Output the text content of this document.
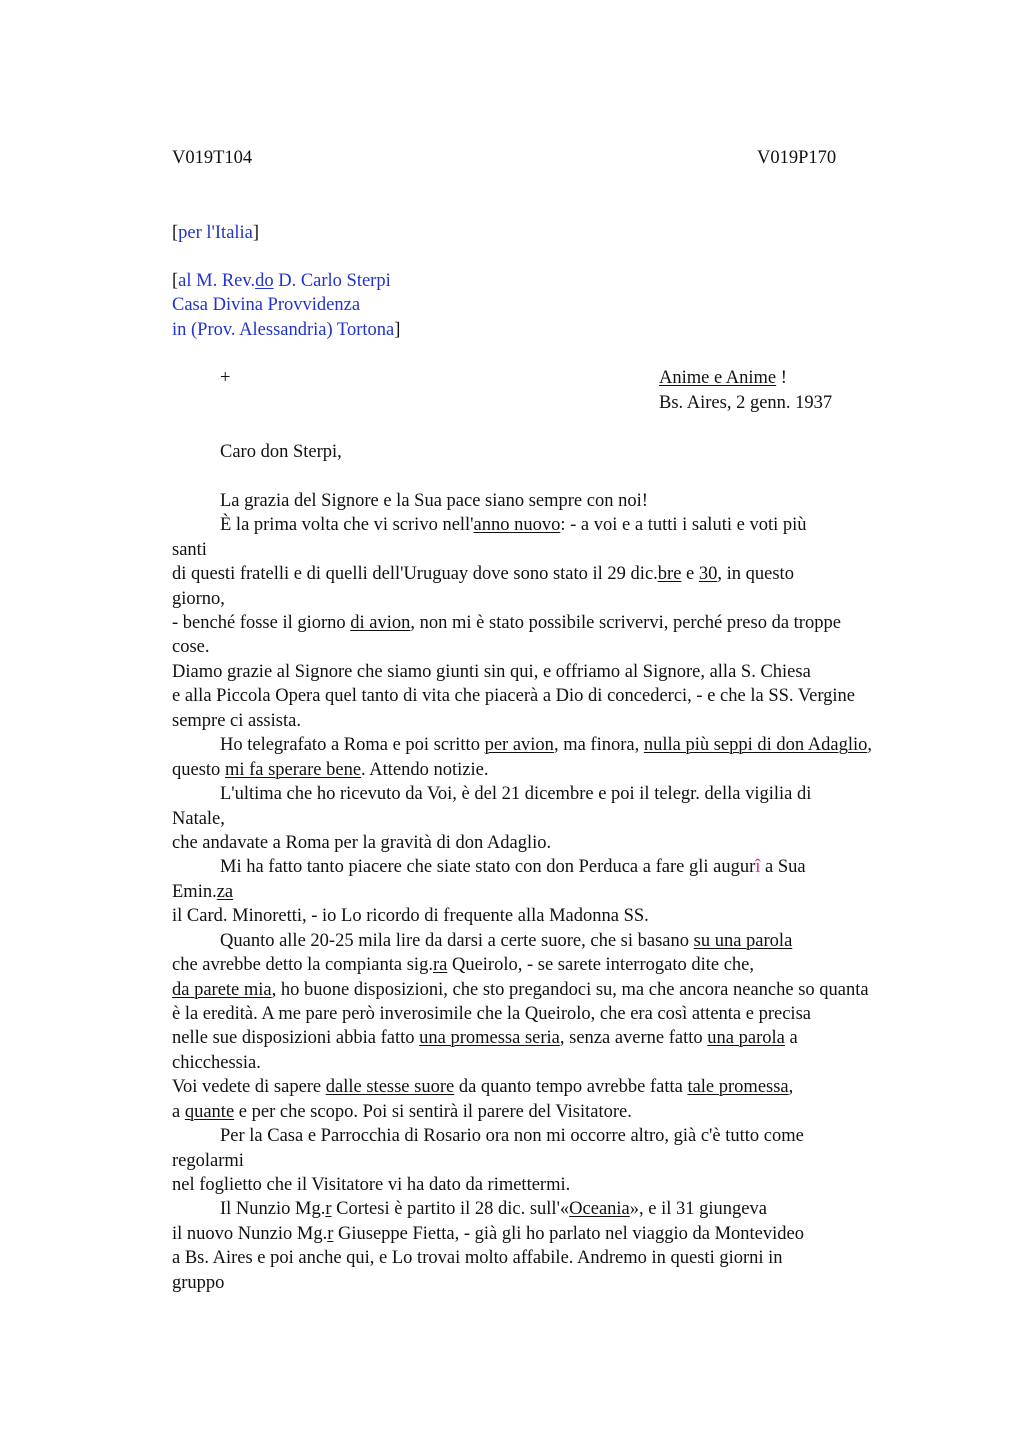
V019T104	V019P170
[per l'Italia]
[al M. Rev.do D. Carlo Sterpi
Casa Divina Provvidenza
in (Prov. Alessandria) Tortona]
+	Anime e Anime !
Bs. Aires, 2 genn. 1937
Caro don Sterpi,
La grazia del Signore e la Sua pace siano sempre con noi!
È la prima volta che vi scrivo nell'anno nuovo: - a voi e a tutti i saluti e voti più
santi
di questi fratelli e di quelli dell'Uruguay dove sono stato il 29 dic.bre e 30, in questo
giorno,
- benché fosse il giorno di avion, non mi è stato possibile scrivervi, perché preso da troppe
cose.
Diamo grazie al Signore che siamo giunti sin qui, e offriamo al Signore, alla S. Chiesa
e alla Piccola Opera quel tanto di vita che piacerà a Dio di concederci, - e che la SS. Vergine
sempre ci assista.
Ho telegrafato a Roma e poi scritto per avion, ma finora, nulla più seppi di don Adaglio,
questo mi fa sperare bene. Attendo notizie.
L'ultima che ho ricevuto da Voi, è del 21 dicembre e poi il telegr. della vigilia di
Natale,
che andavate a Roma per la gravità di don Adaglio.
Mi ha fatto tanto piacere che siate stato con don Perduca a fare gli augurî a Sua
Emin.za
il Card. Minoretti, - io Lo ricordo di frequente alla Madonna SS.
Quanto alle 20-25 mila lire da darsi a certe suore, che si basano su una parola
che avrebbe detto la compianta sig.ra Queirolo, - se sarete interrogato dite che,
da parete mia, ho buone disposizioni, che sto pregandoci su, ma che ancora neanche so quanta
è la eredità. A me pare però inverosimile che la Queirolo, che era così attenta e precisa
nelle sue disposizioni abbia fatto una promessa seria, senza averne fatto una parola a
chicchessia.
Voi vedete di sapere dalle stesse suore da quanto tempo avrebbe fatta tale promessa,
a quante e per che scopo. Poi si sentirà il parere del Visitatore.
Per la Casa e Parrocchia di Rosario ora non mi occorre altro, già c'è tutto come
regolarmi
nel foglietto che il Visitatore vi ha dato da rimettermi.
Il Nunzio Mg.r Cortesi è partito il 28 dic. sull'«Oceania», e il 31 giungeva
il nuovo Nunzio Mg.r Giuseppe Fietta, - già gli ho parlato nel viaggio da Montevideo
a Bs. Aires e poi anche qui, e Lo trovai molto affabile. Andremo in questi giorni in
gruppo
